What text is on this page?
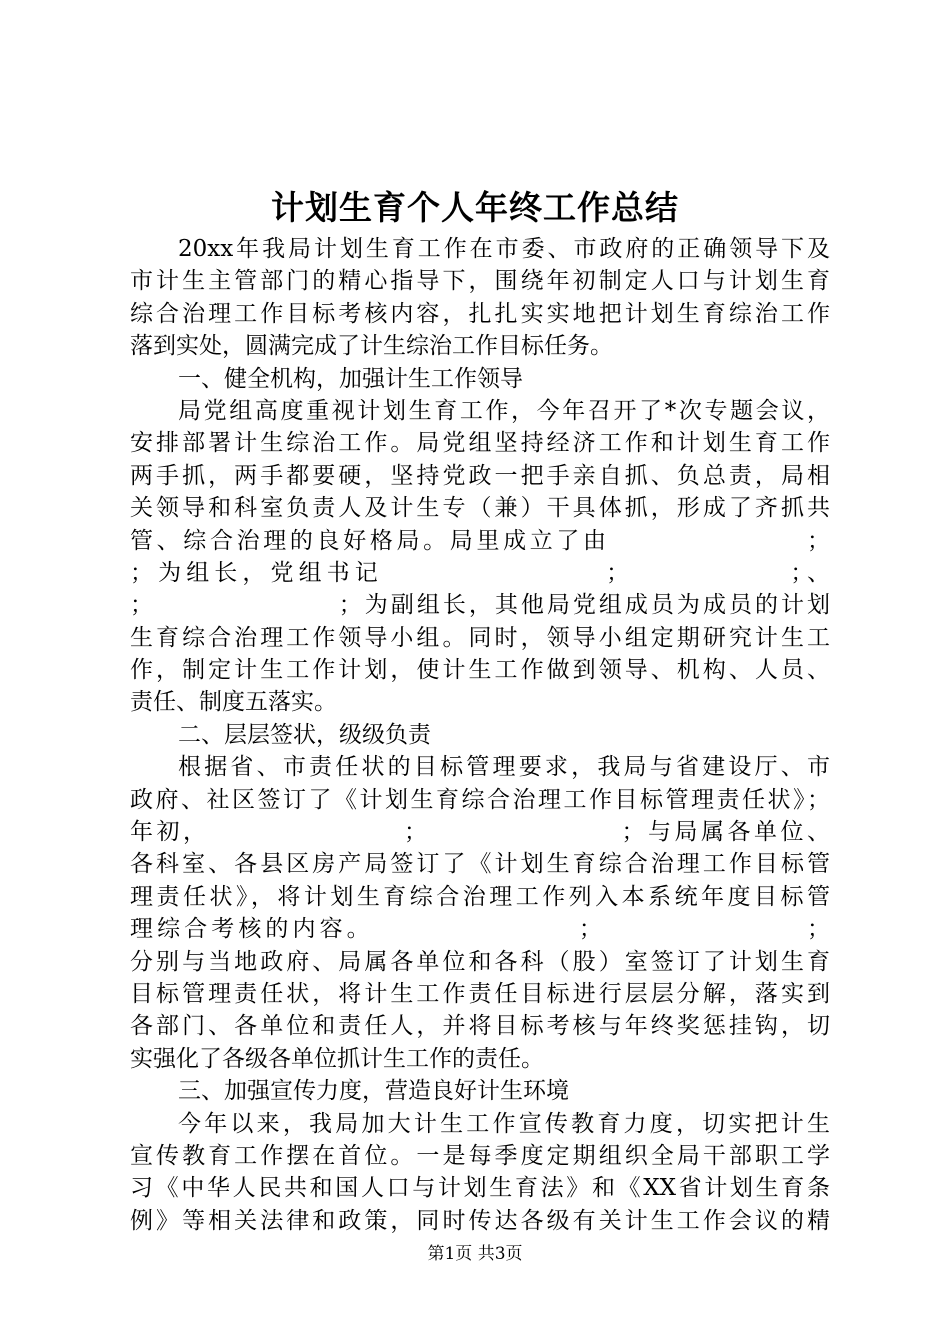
计划生育个人年终工作总结
20xx年我局计划生育工作在市委、市政府的正确领导下及
市计生主管部门的精心指导下，围绕年初制定人口与计划生育
综合治理工作目标考核内容，扎扎实实地把计划生育综治工作
落到实处，圆满完成了计生综治工作目标任务。
一、健全机构，加强计生工作领导
局党组高度重视计划生育工作，今年召开了*次专题会议，
安排部署计生综治工作。局党组坚持经济工作和计划生育工作
两手抓，两手都要硬，坚持党政一把手亲自抓、负总责，局相
关领导和科室负责人及计生专（兼）干具体抓，形成了齐抓共
管、综合治理的良好格局。局里成立了由                  ；
；为组长，党组书记                  ；             ；、
；                  ；为副组长，其他局党组成员为成员的计划
生育综合治理工作领导小组。同时，领导小组定期研究计生工
作，制定计生工作计划，使计生工作做到领导、机构、人员、
责任、制度五落实。
二、层层签状，级级负责
根据省、市责任状的目标管理要求，我局与省建设厅、市
政府、社区签订了《计划生育综合治理工作目标管理责任状》；
年初，                  ；                  ；与局属各单位、
各科室、各县区房产局签订了《计划生育综合治理工作目标管
理责任状》，将计划生育综合治理工作列入本系统年度目标管
理综合考核的内容。                  ；                  ；
分别与当地政府、局属各单位和各科（股）室签订了计划生育
目标管理责任状，将计生工作责任目标进行层层分解，落实到
各部门、各单位和责任人，并将目标考核与年终奖惩挂钩，切
实强化了各级各单位抓计生工作的责任。
三、加强宣传力度，营造良好计生环境
今年以来，我局加大计生工作宣传教育力度，切实把计生
宣传教育工作摆在首位。一是每季度定期组织全局干部职工学
习《中华人民共和国人口与计划生育法》和《XX省计划生育条
例》等相关法律和政策，同时传达各级有关计生工作会议的精
第1页 共3页
